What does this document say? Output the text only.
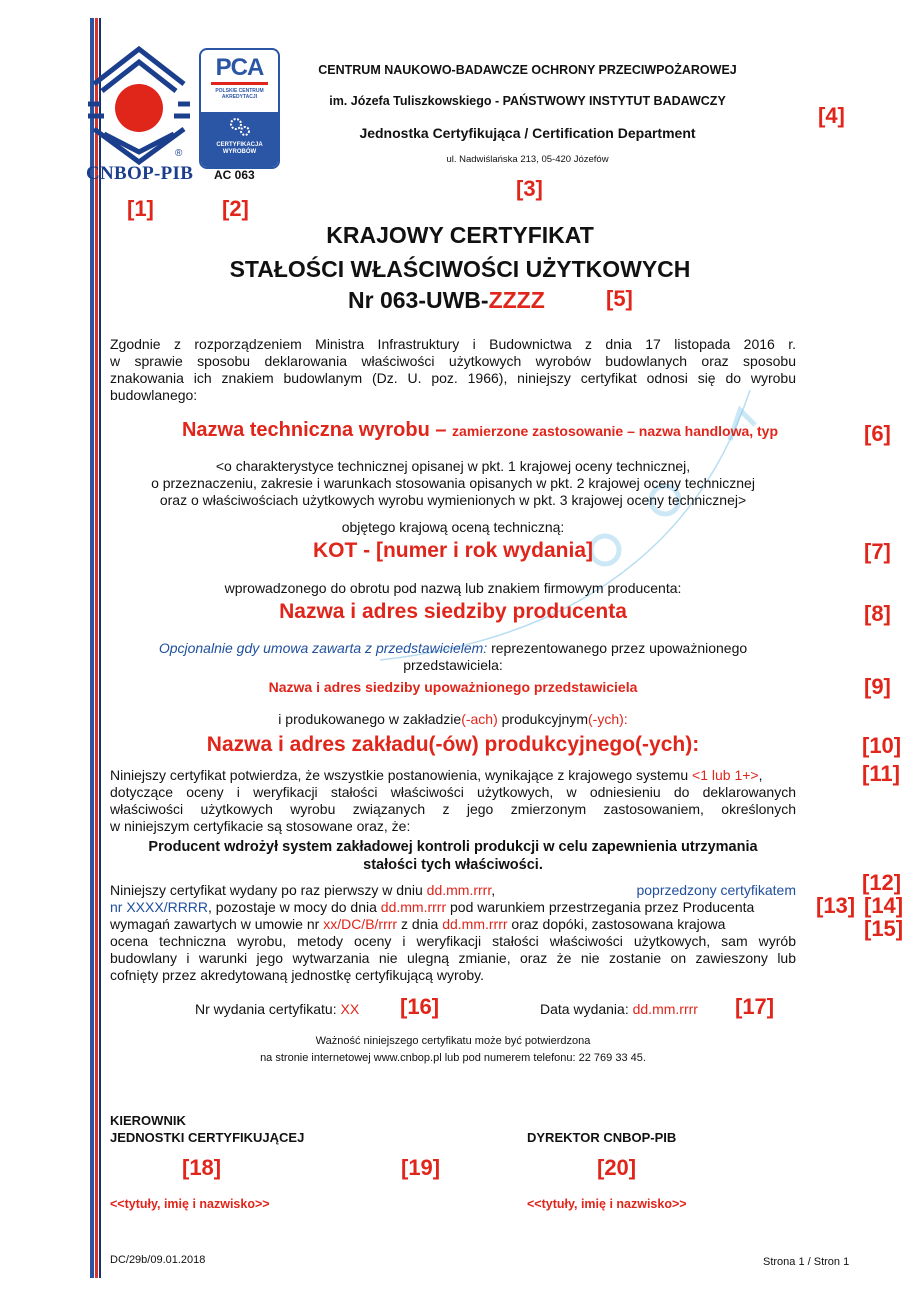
®
CNBOP-PIB
PCA
POLSKIE CENTRUM AKREDYTACJI
CERTYFIKACJA WYROBÓW
AC 063
CENTRUM NAUKOWO-BADAWCZE OCHRONY PRZECIWPOŻAROWEJ
im. Józefa Tuliszkowskiego - PAŃSTWOWY INSTYTUT BADAWCZY
Jednostka Certyfikująca / Certification Department
ul. Nadwiślańska 213, 05-420 Józefów
[1]	[2]
[3]
[4]
[5]
[6]
[7]
[8]
[9]
[10]
[11]
[12]
[13] [14]
[15]
[16]	[17]
[18]	[19]	[20]
KRAJOWY CERTYFIKAT
STAŁOŚCI WŁAŚCIWOŚCI UŻYTKOWYCH
Nr 063-UWB-ZZZZ
Zgodnie z rozporządzeniem Ministra Infrastruktury i Budownictwa z dnia 17 listopada 2016 r.
w sprawie sposobu deklarowania właściwości użytkowych wyrobów budowlanych oraz sposobu
znakowania ich znakiem budowlanym (Dz. U. poz. 1966), niniejszy certyfikat odnosi się do wyrobu
budowlanego:
Nazwa techniczna wyrobu – zamierzone zastosowanie – nazwa handlowa, typ
<o charakterystyce technicznej opisanej w pkt. 1 krajowej oceny technicznej,
o przeznaczeniu, zakresie i warunkach stosowania opisanych w pkt. 2 krajowej oceny technicznej
oraz o właściwościach użytkowych wyrobu wymienionych w pkt. 3 krajowej oceny technicznej>
objętego krajową oceną techniczną:
KOT - [numer i rok wydania]
wprowadzonego do obrotu pod nazwą lub znakiem firmowym producenta:
Nazwa i adres siedziby producenta
Opcjonalnie gdy umowa zawarta z przedstawicielem: reprezentowanego przez upoważnionego
przedstawiciela:
Nazwa i adres siedziby upoważnionego przedstawiciela
i produkowanego w zakładzie(-ach) produkcyjnym(-ych):
Nazwa i adres zakładu(-ów) produkcyjnego(-ych):
Niniejszy certyfikat potwierdza, że wszystkie postanowienia, wynikające z krajowego systemu <1 lub 1+>,
dotyczące oceny i weryfikacji stałości właściwości użytkowych, w odniesieniu do deklarowanych
właściwości użytkowych wyrobu związanych z jego zmierzonym zastosowaniem, określonych
w niniejszym certyfikacie są stosowane oraz, że:
Producent wdrożył system zakładowej kontroli produkcji w celu zapewnienia utrzymania
stałości tych właściwości.
Niniejszy certyfikat wydany po raz pierwszy w dniu dd.mm.rrrr,	poprzedzony certyfikatem
nr XXXX/RRRR, pozostaje w mocy do dnia dd.mm.rrrr pod warunkiem przestrzegania przez Producenta
wymagań zawartych w umowie nr xx/DC/B/rrrr z dnia dd.mm.rrrr oraz dopóki, zastosowana krajowa
ocena techniczna wyrobu, metody oceny i weryfikacji stałości właściwości użytkowych, sam wyrób
budowlany i warunki jego wytwarzania nie ulegną zmianie, oraz że nie zostanie on zawieszony lub
cofnięty przez akredytowaną jednostkę certyfikującą wyroby.
Nr wydania certyfikatu: XX	Data wydania: dd.mm.rrrr
Ważność niniejszego certyfikatu może być potwierdzona
na stronie internetowej www.cnbop.pl lub pod numerem telefonu: 22 769 33 45.
KIEROWNIK
JEDNOSTKI CERTYFIKUJĄCEJ	DYREKTOR CNBOP-PIB
<<tytuły, imię i nazwisko>>	<<tytuły, imię i nazwisko>>
DC/29b/09.01.2018	Strona 1 / Stron 1
